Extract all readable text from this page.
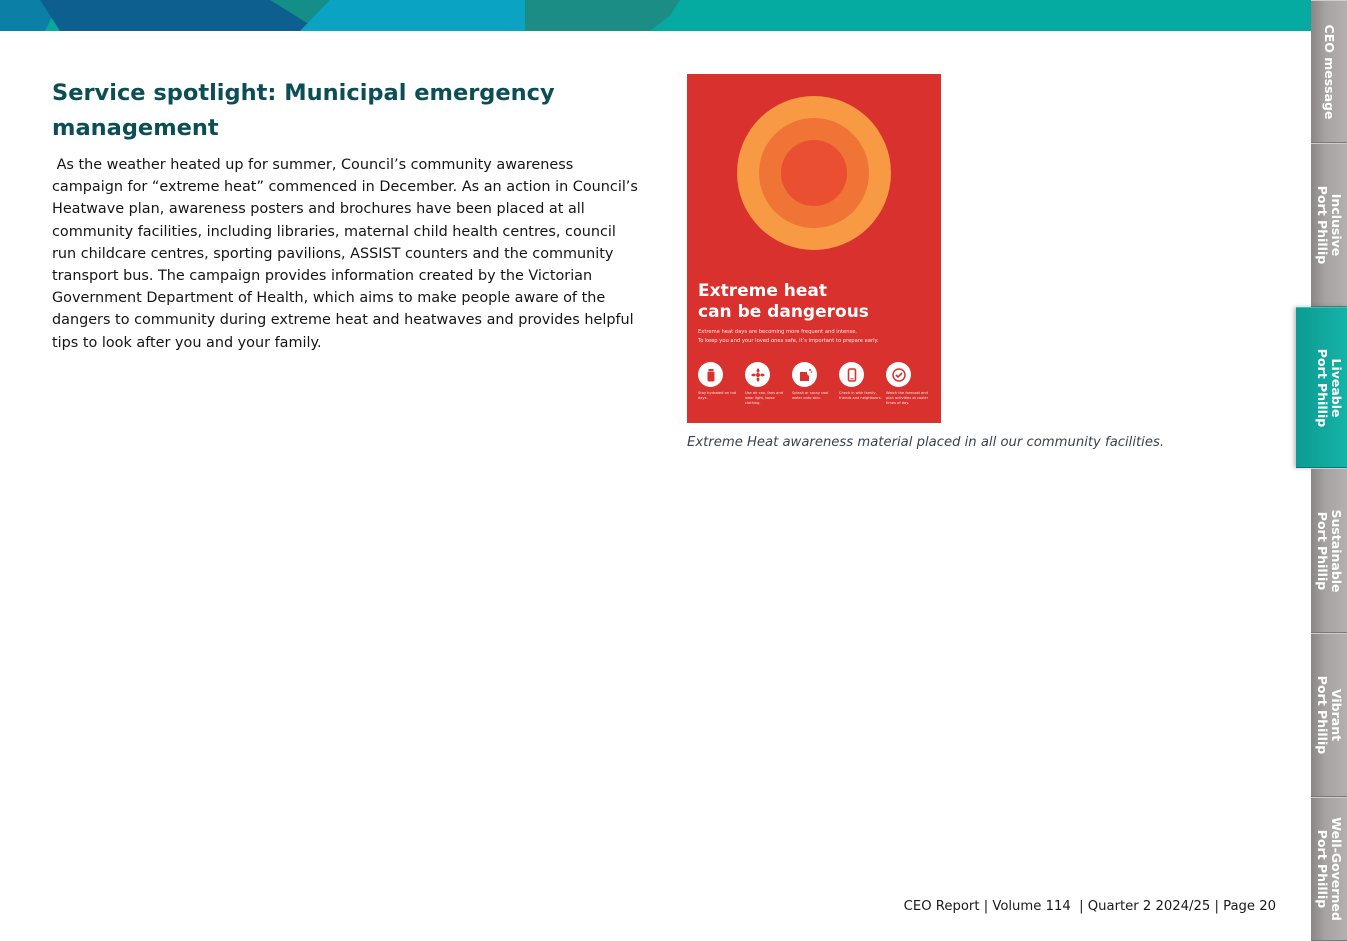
Service spotlight: Municipal emergency management

As the weather heated up for summer, Council’s community awareness campaign for “extreme heat” commenced in December. As an action in Council’s Heatwave plan, awareness posters and brochures have been placed at all community facilities, including libraries, maternal child health centres, council run childcare centres, sporting pavilions, ASSIST counters and the community transport bus. The campaign provides information created by the Victorian Government Department of Health, which aims to make people aware of the dangers to community during extreme heat and heatwaves and provides helpful tips to look after you and your family.

Extreme heat
can be dangerous
Extreme heat days are becoming more frequent and intense.
To keep you and your loved ones safe, it’s important to prepare early.
Stay hydrated on hot days.
Use air con, fans and wear light, loose clothing.
Splash or spray cool water onto skin.
Check in with family, friends and neighbours.
Watch the forecast and plan activities at cooler times of day.

Extreme Heat awareness material placed in all our community facilities.

CEO Report | Volume 114  | Quarter 2 2024/25 | Page 20
CEO message
Inclusive
Port Phillip
Liveable
Port Phillip
Sustainable
Port Phillip
Vibrant
Port Phillip
Well-Governed
Port Phillip
